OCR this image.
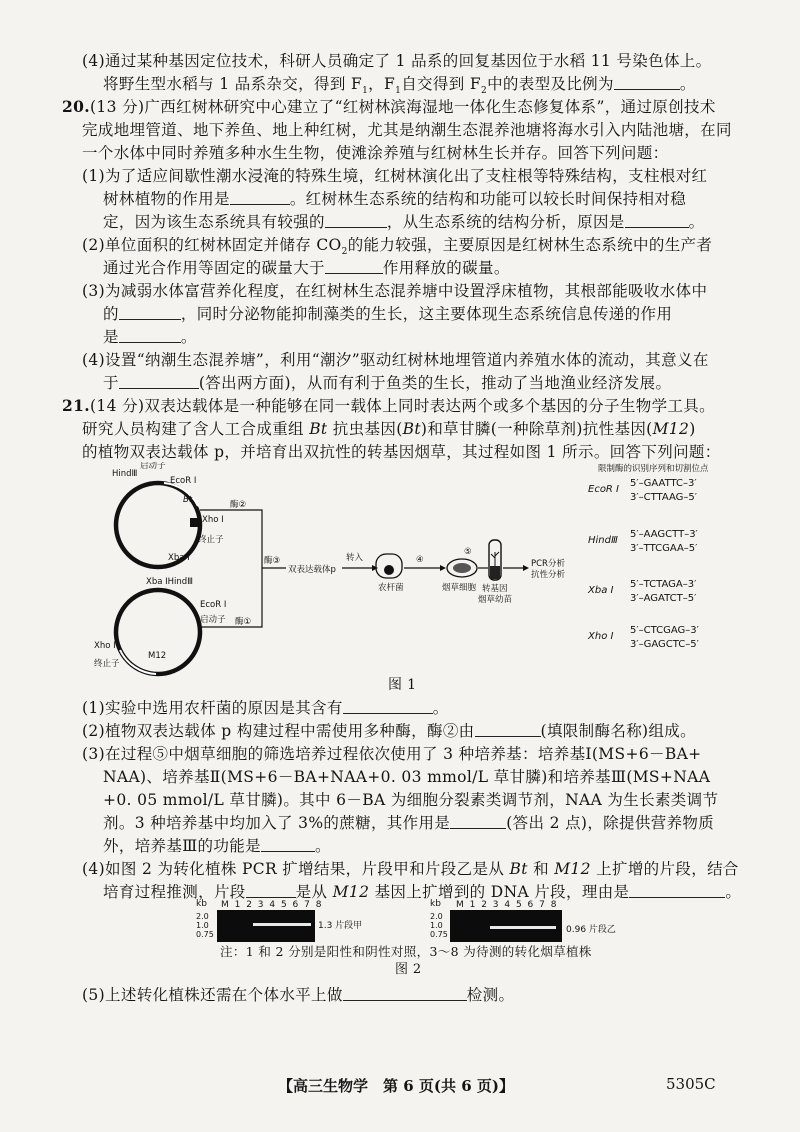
(4)通过某种基因定位技术，科研人员确定了 1 品系的回复基因位于水稻 11 号染色体上。
将野生型水稻与 1 品系杂交，得到 $F_1$，$F_1$自交得到 $F_2$中的表型及比例为	。
20.(13 分)广西红树林研究中心建立了“红树林滨海湿地一体化生态修复体系”，通过原创技术
完成地埋管道、地下养鱼、地上种红树，尤其是纳潮生态混养池塘将海水引入内陆池塘，在同
一个水体中同时养殖多种水生生物，使滩涂养殖与红树林生长并存。回答下列问题：
(1)为了适应间歇性潮水浸淹的特殊生境，红树林演化出了支柱根等特殊结构，支柱根对红
树林植物的作用是	。红树林生态系统的结构和功能可以较长时间保持相对稳
定，因为该生态系统具有较强的	，从生态系统的结构分析，原因是	。
(2)单位面积的红树林固定并储存 $CO_2$的能力较强，主要原因是红树林生态系统中的生产者
通过光合作用等固定的碳量大于	作用释放的碳量。
(3)为减弱水体富营养化程度，在红树林生态混养塘中设置浮床植物，其根部能吸收水体中
的	，同时分泌物能抑制藻类的生长，这主要体现生态系统信息传递的作用
是	。
(4)设置“纳潮生态混养塘”，利用“潮汐”驱动红树林地埋管道内养殖水体的流动，其意义在
于	(答出两方面)，从而有利于鱼类的生长，推动了当地渔业经济发展。
21.(14 分)双表达载体是一种能够在同一载体上同时表达两个或多个基因的分子生物学工具。
研究人员构建了含人工合成重组 Bt 抗虫基因(Bt)和草甘膦(一种除草剂)抗性基因(M12)
的植物双表达载体 p，并培育出双抗性的转基因烟草，其过程如图 1 所示。回答下列问题：
HindⅢ
启动子
EcoR Ⅰ
Bt
Xho Ⅰ
终止子
Xba Ⅰ
Xba ⅠHindⅢ
EcoR Ⅰ
启动子
Xho Ⅰ
M12
终止子
酶②
酶①
酶③
双表达载体p
转入
农杆菌
④
烟草细胞
⑤
转基因
烟草幼苗
PCR分析
抗性分析
限制酶的识别序列和切割位点
EcoR Ⅰ
5′–GAATTC–3′
3′–CTTAAG–5′
HindⅢ
5′–AAGCTT–3′
3′–TTCGAA–5′
Xba Ⅰ
5′–TCTAGA–3′
3′–AGATCT–5′
Xho Ⅰ
5′–CTCGAG–3′
3′–GAGCTC–5′
图 1
(1)实验中选用农杆菌的原因是其含有	。
(2)植物双表达载体 p 构建过程中需使用多种酶，酶②由	(填限制酶名称)组成。
(3)在过程⑤中烟草细胞的筛选培养过程依次使用了 3 种培养基：培养基Ⅰ(MS+6－BA+
NAA)、培养基Ⅱ(MS+6－BA+NAA+0. 03 mmol/L 草甘膦)和培养基Ⅲ(MS+NAA
+0. 05 mmol/L 草甘膦)。其中 6－BA 为细胞分裂素类调节剂，NAA 为生长素类调节
剂。3 种培养基中均加入了 3%的蔗糖，其作用是	(答出 2 点)，除提供营养物质
外，培养基Ⅲ的功能是	。
(4)如图 2 为转化植株 PCR 扩增结果，片段甲和片段乙是从 Bt 和 M12 上扩增的片段，结合
培育过程推测，片段	是从 M12 基因上扩增到的 DNA 片段，理由是	。
kb
2.0
1.0
0.75
M 1 2 3 4 5 6 7 8
1.3 片段甲
kb
2.0
1.0
0.75
M 1 2 3 4 5 6 7 8
0.96 片段乙
注：1 和 2 分别是阳性和阴性对照，3～8 为待测的转化烟草植株
图 2
(5)上述转化植株还需在个体水平上做	检测。
【高三生物学　第 6 页(共 6 页)】	5305C
